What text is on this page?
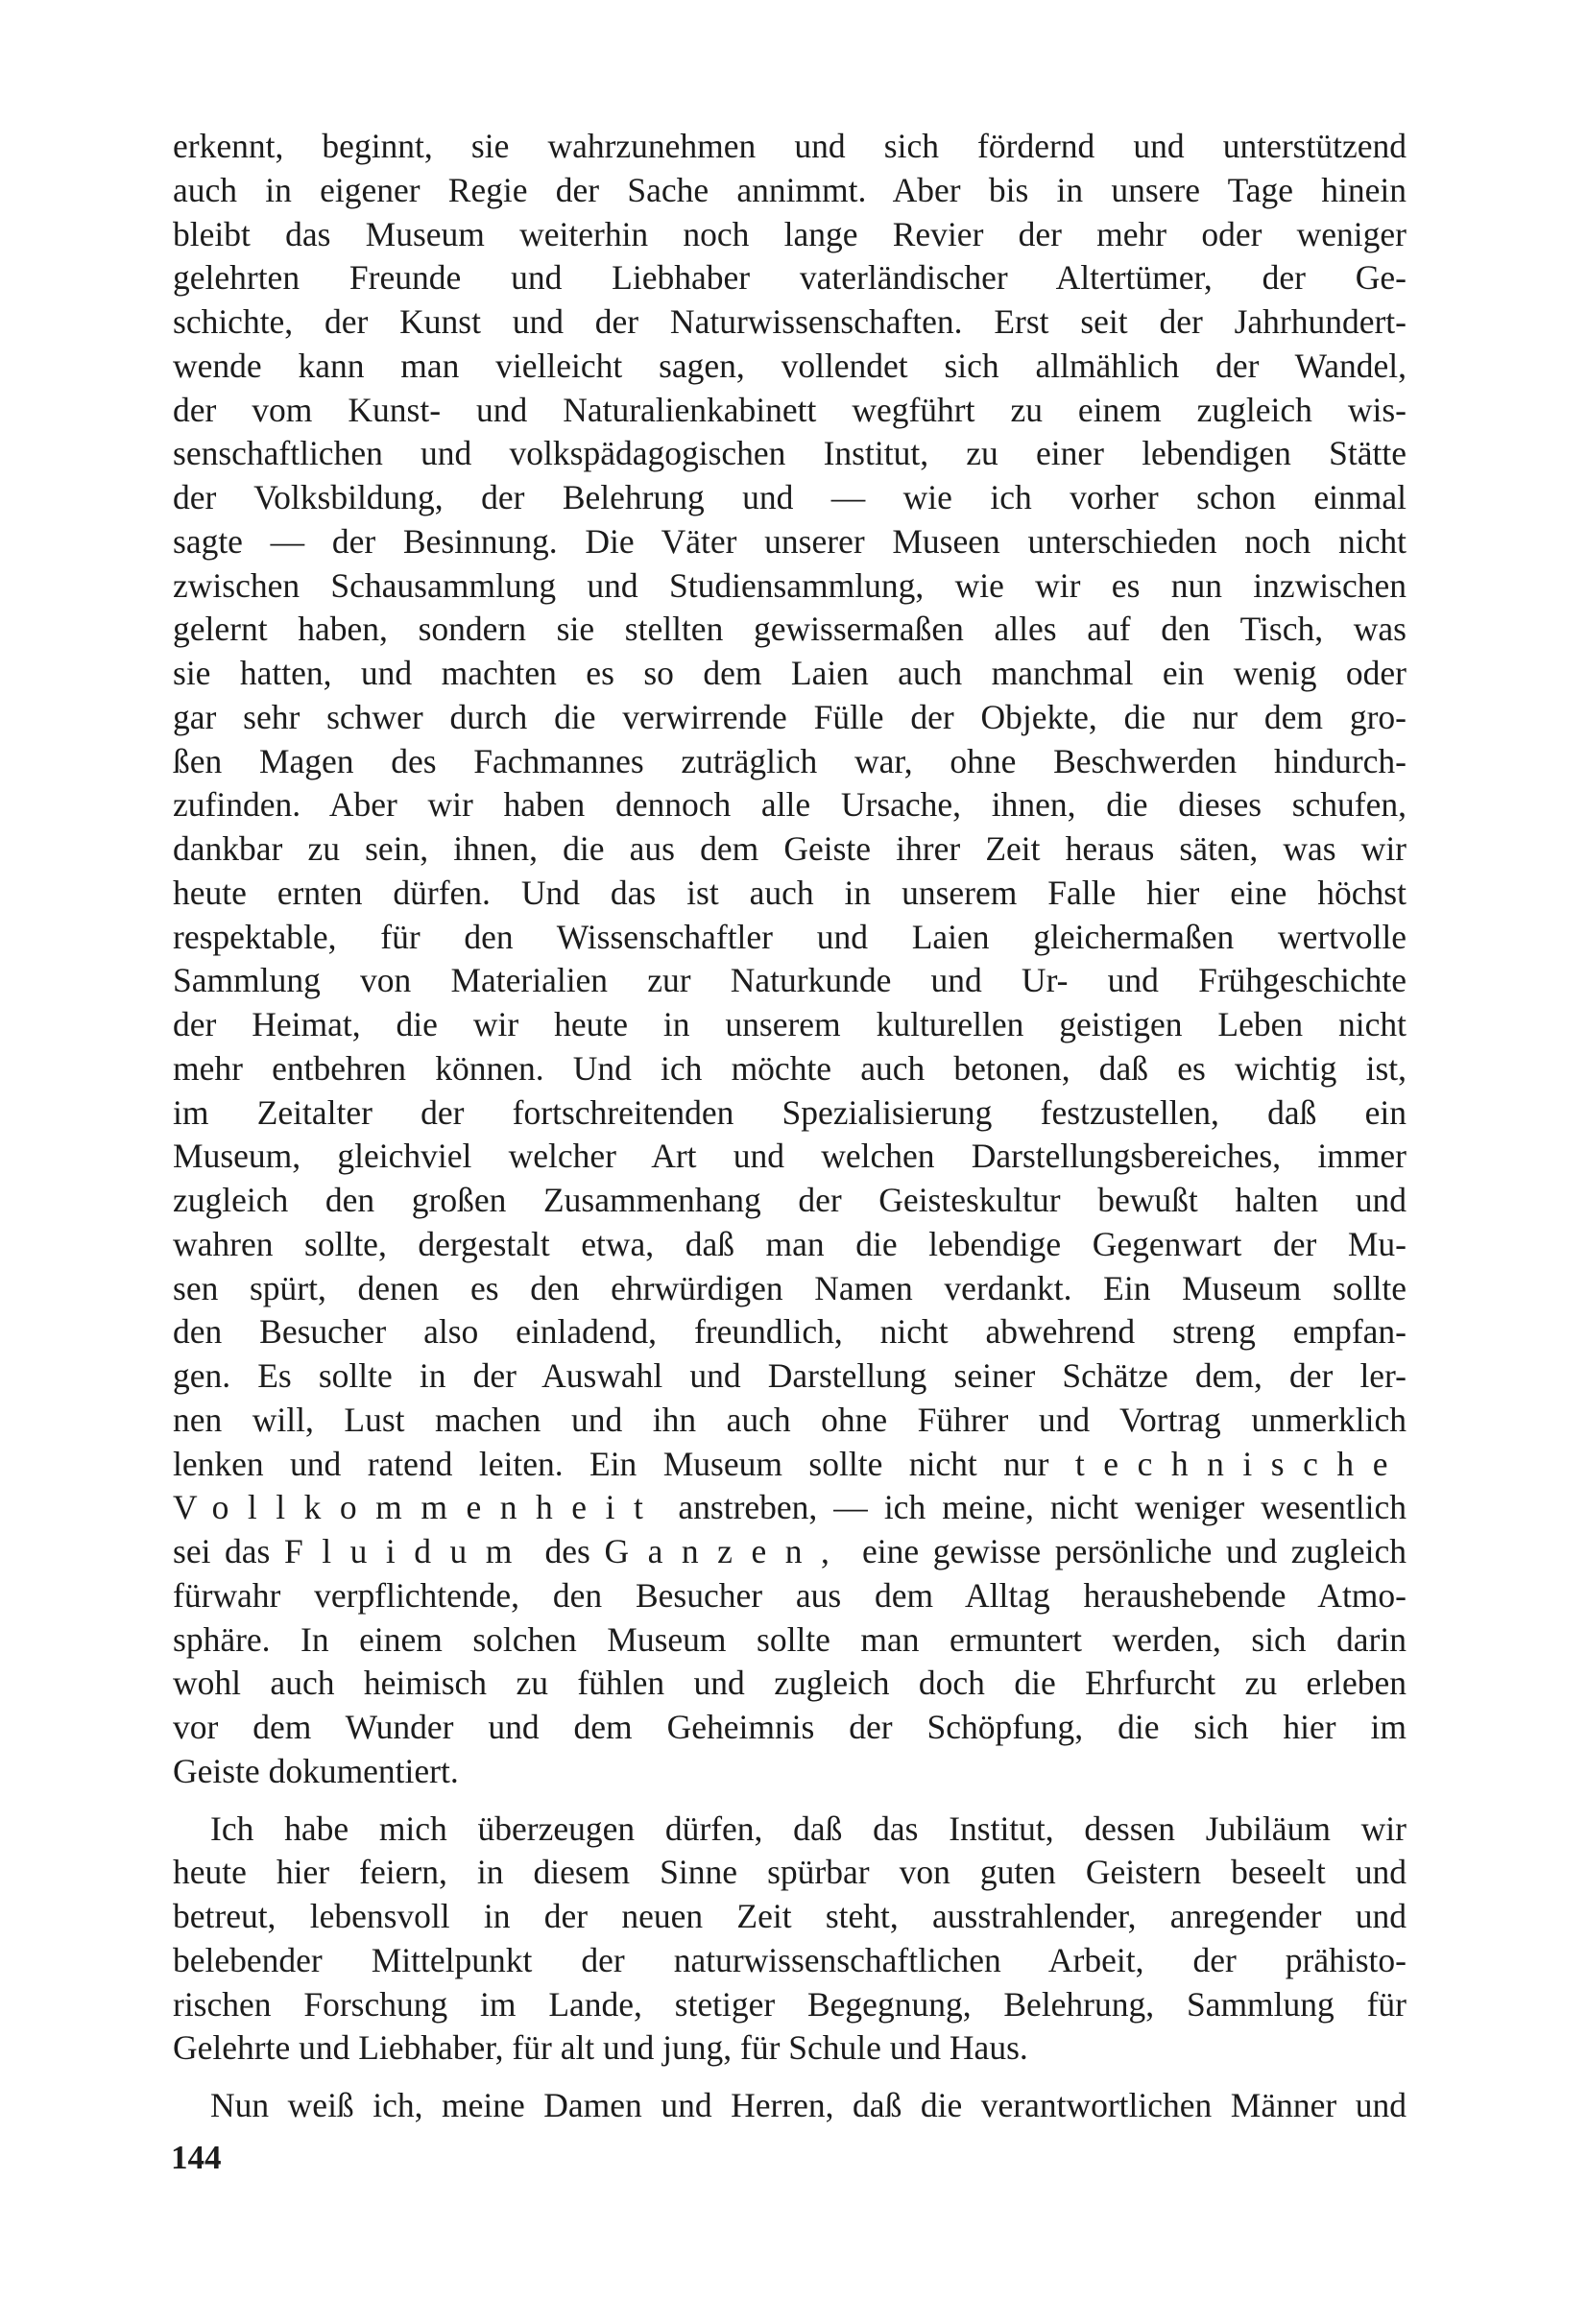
erkennt, beginnt, sie wahrzunehmen und sich fördernd und unterstützend
auch in eigener Regie der Sache annimmt. Aber bis in unsere Tage hinein
bleibt das Museum weiterhin noch lange Revier der mehr oder weniger
gelehrten Freunde und Liebhaber vaterländischer Altertümer, der Ge-
schichte, der Kunst und der Naturwissenschaften. Erst seit der Jahrhundert-
wende kann man vielleicht sagen, vollendet sich allmählich der Wandel,
der vom Kunst- und Naturalienkabinett wegführt zu einem zugleich wis-
senschaftlichen und volkspädagogischen Institut, zu einer lebendigen Stätte
der Volksbildung, der Belehrung und — wie ich vorher schon einmal
sagte — der Besinnung. Die Väter unserer Museen unterschieden noch nicht
zwischen Schausammlung und Studiensammlung, wie wir es nun inzwischen
gelernt haben, sondern sie stellten gewissermaßen alles auf den Tisch, was
sie hatten, und machten es so dem Laien auch manchmal ein wenig oder
gar sehr schwer durch die verwirrende Fülle der Objekte, die nur dem gro-
ßen Magen des Fachmannes zuträglich war, ohne Beschwerden hindurch-
zufinden. Aber wir haben dennoch alle Ursache, ihnen, die dieses schufen,
dankbar zu sein, ihnen, die aus dem Geiste ihrer Zeit heraus säten, was wir
heute ernten dürfen. Und das ist auch in unserem Falle hier eine höchst
respektable, für den Wissenschaftler und Laien gleichermaßen wertvolle
Sammlung von Materialien zur Naturkunde und Ur- und Frühgeschichte
der Heimat, die wir heute in unserem kulturellen geistigen Leben nicht
mehr entbehren können. Und ich möchte auch betonen, daß es wichtig ist,
im Zeitalter der fortschreitenden Spezialisierung festzustellen, daß ein
Museum, gleichviel welcher Art und welchen Darstellungsbereiches, immer
zugleich den großen Zusammenhang der Geisteskultur bewußt halten und
wahren sollte, dergestalt etwa, daß man die lebendige Gegenwart der Mu-
sen spürt, denen es den ehrwürdigen Namen verdankt. Ein Museum sollte
den Besucher also einladend, freundlich, nicht abwehrend streng empfan-
gen. Es sollte in der Auswahl und Darstellung seiner Schätze dem, der ler-
nen will, Lust machen und ihn auch ohne Führer und Vortrag unmerklich
lenken und ratend leiten. Ein Museum sollte nicht nur technische
Vollkommenheit anstreben, — ich meine, nicht weniger wesentlich
sei das Fluidum des Ganzen, eine gewisse persönliche und zugleich
fürwahr verpflichtende, den Besucher aus dem Alltag heraushebende Atmo-
sphäre. In einem solchen Museum sollte man ermuntert werden, sich darin
wohl auch heimisch zu fühlen und zugleich doch die Ehrfurcht zu erleben
vor dem Wunder und dem Geheimnis der Schöpfung, die sich hier im
Geiste dokumentiert.
Ich habe mich überzeugen dürfen, daß das Institut, dessen Jubiläum wir
heute hier feiern, in diesem Sinne spürbar von guten Geistern beseelt und
betreut, lebensvoll in der neuen Zeit steht, ausstrahlender, anregender und
belebender Mittelpunkt der naturwissenschaftlichen Arbeit, der prähisto-
rischen Forschung im Lande, stetiger Begegnung, Belehrung, Sammlung für
Gelehrte und Liebhaber, für alt und jung, für Schule und Haus.
Nun weiß ich, meine Damen und Herren, daß die verantwortlichen Männer und
144
